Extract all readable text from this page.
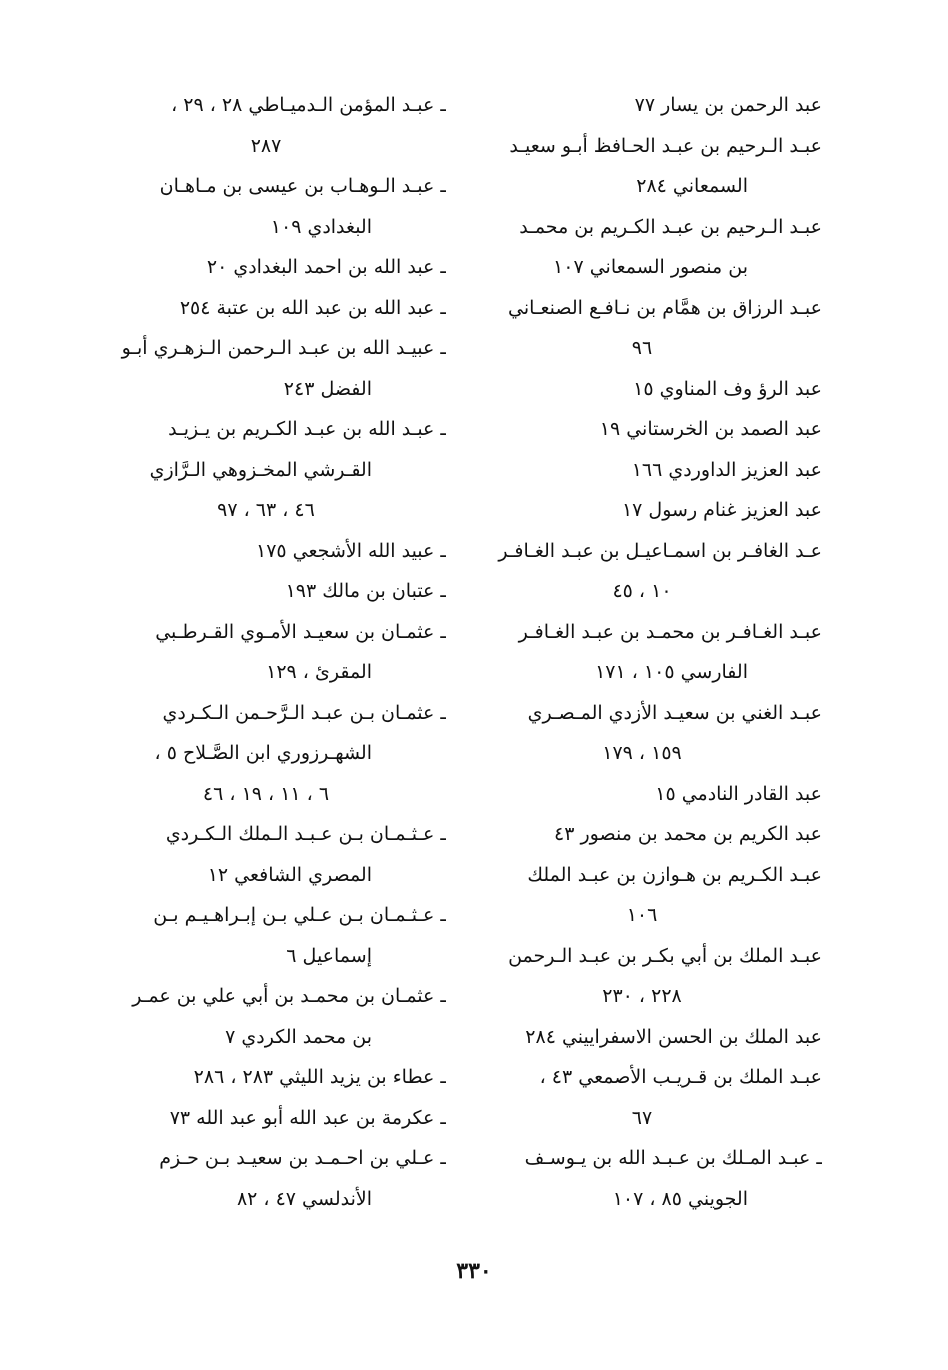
عبد الرحمن بن يسار ٧٧
عبـد الـرحيم بن عبـد الحـافظ أبـو سعيـد
السمعاني ٢٨٤
عبـد الـرحيم بن عبـد الكـريم بن محمـد
بن منصور السمعاني ١٠٧
عبـد الرزاق بن همَّام بن نـافـع الصنعـاني
٩٦
عبد الرؤ وف المناوي ١٥
عبد الصمد بن الخرستاني ١٩
عبد العزيز الداوردي ١٦٦
عبد العزيز غنام رسول ١٧
عـد الغافـر بن اسمـاعيـل بن عبـد الغـافـر
١٠ ، ٤٥
عبـد الغـافـر بن محمـد بن عبـد الغـافـر
الفارسي ١٠٥ ، ١٧١
عبـد الغني بن سعيـد الأزدي المـصـري
١٥٩ ، ١٧٩
عبد القادر النادمي ١٥
عبد الكريم بن محمد بن منصور ٤٣
عبـد الكـريم بن هـوازن بن عبـد الملك
١٠٦
عبـد الملك بن أبي بكـر بن عبـد الـرحمن
٢٢٨ ، ٢٣٠
عبد الملك بن الحسن الاسفراييني ٢٨٤
عبـد الملك بن قـريـب الأصمعي ٤٣ ،
٦٧
ـ عبـد المـلك بن عـبـد الله بن يـوسـف
الجويني ٨٥ ، ١٠٧
ـ عبـد المؤمن الـدميـاطي ٢٨ ، ٢٩ ،
٢٨٧
ـ عبـد الـوهـاب بن عيسى بن مـاهـان
البغدادي ١٠٩
ـ عبد الله بن احمد البغدادي ٢٠
ـ عبد الله بن عبد الله بن عتبة ٢٥٤
ـ عبيـد الله بن عبـد الـرحمن الـزهـري أبـو
الفضل ٢٤٣
ـ عبـد الله بن عبـد الكـريم بن يـزيـد
القـرشي المخـزوهي الـرَّازي
٤٦ ، ٦٣ ، ٩٧
ـ عبيد الله الأشجعي ١٧٥
ـ عتبان بن مالك ١٩٣
ـ عثمـان بن سعيـد الأمـوي القـرطـبي
المقرئ ، ١٢٩
ـ عثمـان بـن عبـد الـرَّحـمن الـكـردي
الشهـرزوري ابن الصَّـلاح ٥ ،
٦ ، ١١ ، ١٩ ، ٤٦
ـ عـثـمـان بـن عـبـد الـملك الـكـردي
المصري الشافعي ١٢
ـ عـثـمـان بـن عـلي بـن إبـراهـيـم بـن
إسماعيل ٦
ـ عثمـان بن محمـد بن أبي علي بن عمـر
بن محمد الكردي ٧
ـ عطاء بن يزيد الليثي ٢٨٣ ، ٢٨٦
ـ عكرمة بن عبد الله أبو عبد الله ٧٣
ـ عـلي بن احـمـد بن سعيـد بـن حـزم
الأندلسي ٤٧ ، ٨٢
٣٣٠
